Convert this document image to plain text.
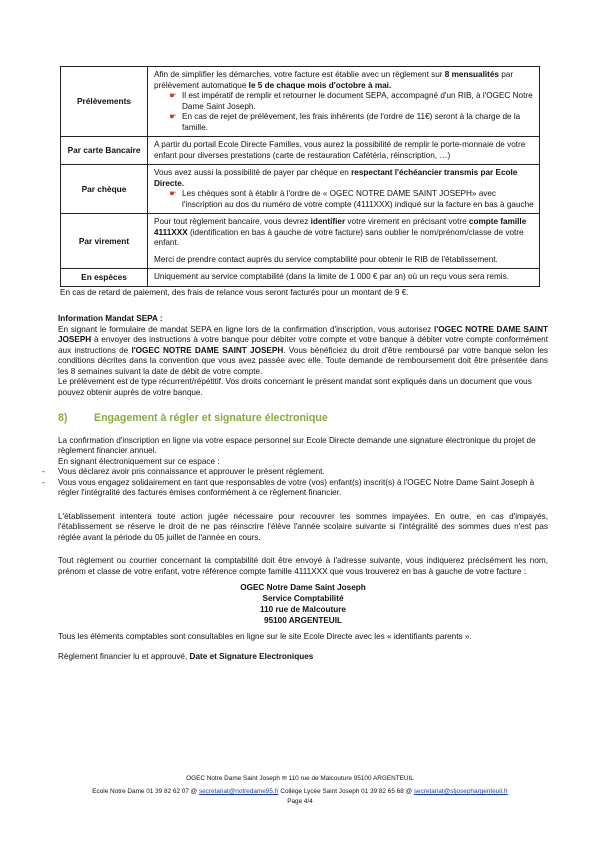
Prélèvements	Afin de simplifier les démarches, votre facture est établie avec un règlement sur 8 mensualités par prélèvement automatique le 5 de chaque mois d'octobre à mai.

☛ Il est impératif de remplir et retourner le document SEPA, accompagné d'un RIB, à l'OGEC Notre Dame Saint Joseph.
☛ En cas de rejet de prélèvement, les frais inhérents (de l'ordre de 11€) seront à la charge de la famille.

Par carte Bancaire	A partir du portail Ecole Directe Familles, vous aurez la possibilité de remplir le porte-monnaie de votre enfant pour diverses prestations (carte de restauration Cafétéria, réinscription, …)

Par chèque	Vous avez aussi la possibilité de payer par chèque en respectant l'échéancier transmis par Ecole Directe.

☛ Les chèques sont à établir à l'ordre de « OGEC NOTRE DAME SAINT JOSEPH» avec l'inscription au dos du numéro de votre compte (4111XXX) indiqué sur la facture en bas à gauche

Par virement	Pour tout règlement bancaire, vous devrez identifier votre virement en précisant votre compte famille 4111XXX (identification en bas à gauche de votre facture) sans oublier le nom/prénom/classe de votre enfant.

Merci de prendre contact auprès du service comptabilité pour obtenir le RIB de l'établissement.

En espèces	Uniquement au service comptabilité (dans la limite de 1 000 € par an) où un reçu vous sera remis.

En cas de retard de paiement, des frais de relance vous seront facturés pour un montant de 9 €.

Information Mandat SEPA :

En signant le formulaire de mandat SEPA en ligne lors de la confirmation d'inscription, vous autorisez l'OGEC NOTRE DAME SAINT JOSEPH à envoyer des instructions à votre banque pour débiter votre compte et votre banque à débiter votre compte conformément aux instructions de l'OGEC NOTRE DAME SAINT JOSEPH. Vous bénéficiez du droit d'être remboursé par votre banque selon les conditions décrites dans la convention que vous avez passée avec elle. Toute demande de remboursement doit être présentée dans les 8 semaines suivant la date de débit de votre compte.

Le prélèvement est de type récurrent/répétitif. Vos droits concernant le présent mandat sont expliqués dans un document que vous pouvez obtenir auprès de votre banque.

8)	Engagement à régler et signature électronique

La confirmation d'inscription en ligne via votre espace personnel sur Ecole Directe demande une signature électronique du projet de règlement financier annuel.

En signant électroniquement sur ce espace :

-	Vous déclarez avoir pris connaissance et approuver le présent règlement.
-	Vous vous engagez solidairement en tant que responsables de votre (vos) enfant(s) inscrit(s) à l'OGEC Notre Dame Saint Joseph à régler l'intégralité des factures émises conformément à ce règlement financier.

L'établissement intentera toute action jugée nécessaire pour recouvrer les sommes impayées. En outre, en cas d'impayés, l'établissement se réserve le droit de ne pas réinscrire l'élève l'année scolaire suivante si l'intégralité des sommes dues n'est pas réglée avant la période du 05 juillet de l'année en cours.

Tout règlement ou courrier concernant la comptabilité doit être envoyé à l'adresse suivante, vous indiquerez précisément les nom, prénom et classe de votre enfant, votre référence compte famille 4111XXX que vous trouverez en bas à gauche de votre facture :

OGEC Notre Dame Saint Joseph
Service Comptabilité
110 rue de Malcouture
95100 ARGENTEUIL

Tous les éléments comptables sont consultables en ligne sur le site Ecole Directe avec les « identifiants parents ».

Règlement financier lu et approuvé, Date et Signature Electroniques

OGEC Notre Dame Saint Joseph ✉ 110 rue de Malcouture 95100 ARGENTEUIL
Ecole Notre Dame 01 39 82 62 07 @ secretariat@notredame95.fr Collège Lycée Saint Joseph 01 39 82 65 68 @ secretariat@stjosephargenteuil.fr
Page 4/4
